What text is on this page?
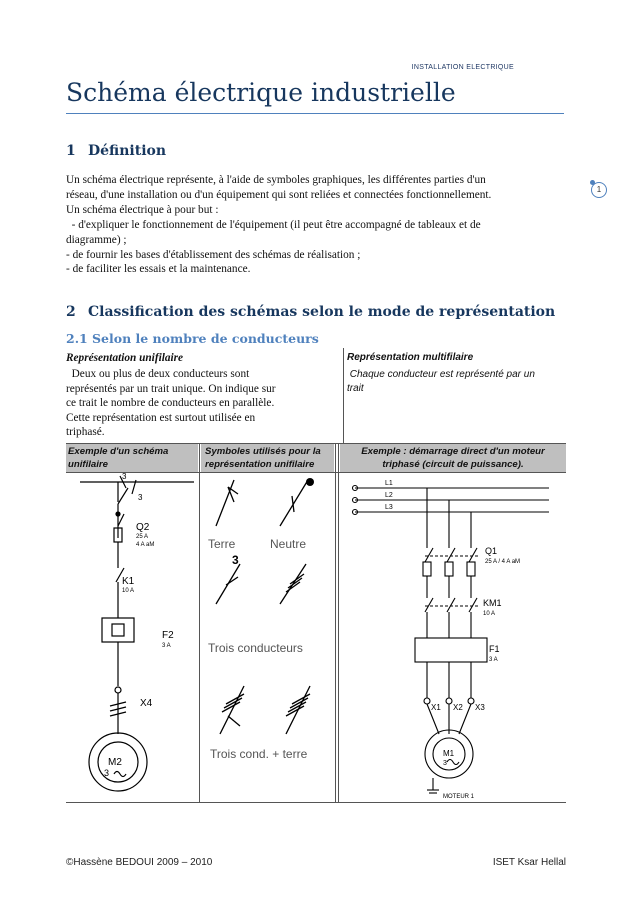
INSTALLATION ELECTRIQUE
Schéma électrique industrielle
1
1 Définition
Un schéma électrique représente, à l'aide de symboles graphiques, les différentes parties d'un
réseau, d'une installation ou d'un équipement qui sont reliées et connectées fonctionnellement.
Un schéma électrique à pour but :
- d'expliquer le fonctionnement de l'équipement (il peut être accompagné de tableaux et de
diagramme) ;
- de fournir les bases d'établissement des schémas de réalisation ;
- de faciliter les essais et la maintenance.
2 Classification des schémas selon le mode de représentation
2.1 Selon le nombre de conducteurs
Représentation unifilaire
Deux ou plus de deux conducteurs sont
représentés par un trait unique. On indique sur
ce trait le nombre de conducteurs en parallèle.
Cette représentation est surtout utilisée en
triphasé.
Représentation multifilaire
Chaque conducteur est représenté par un
trait
Exemple d'un schéma
unifilaire
Symboles utilisés pour la
représentation unifilaire
Exemple : démarrage direct d'un moteur
triphasé (circuit de puissance).
3
3
Q2
25 A
4 A aM
K1
10 A
F2
3 A
X4
M2
3
Terre	Neutre
3
Trois conducteurs
Trois cond. + terre
L1
L2
L3
Q1
25 A / 4 A aM
KM1
10 A
F1
3 A
X1 X2 X3
M1
3
MOTEUR 1
©Hassène BEDOUI 2009 – 2010	ISET Ksar Hellal
